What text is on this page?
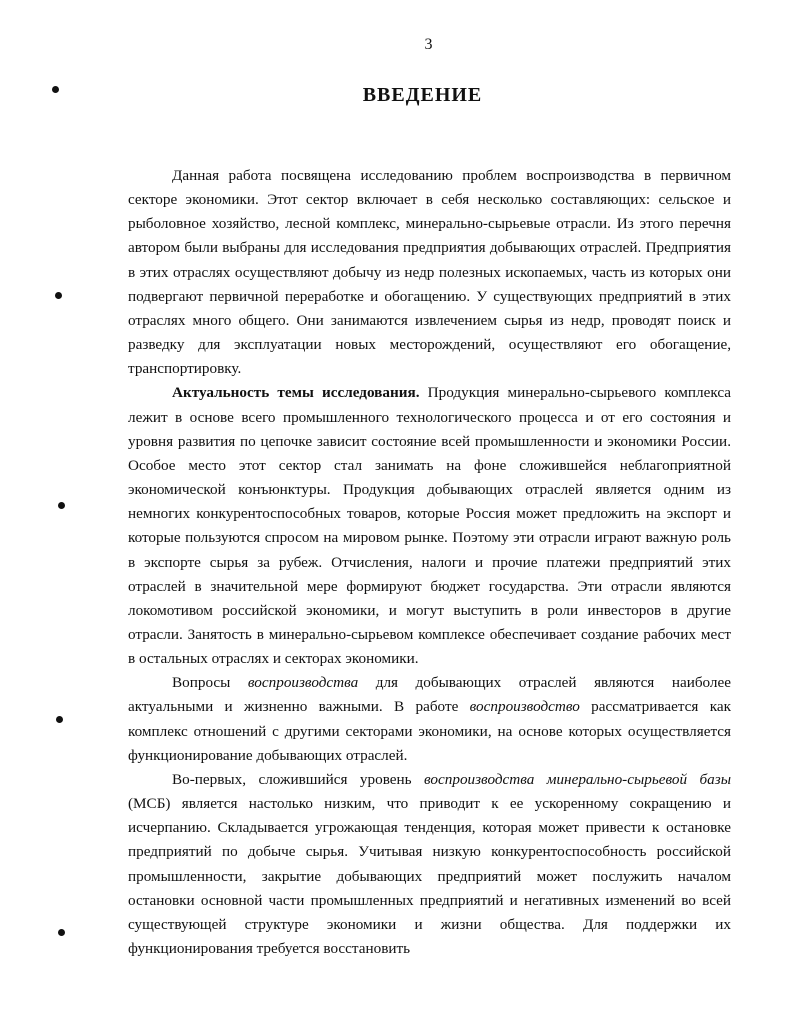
3
ВВЕДЕНИЕ

Данная работа посвящена исследованию проблем воспроизводства в первичном секторе экономики. Этот сектор включает в себя несколько составляющих: сельское и рыболовное хозяйство, лесной комплекс, минерально-сырьевые отрасли. Из этого перечня автором были выбраны для исследования предприятия добывающих отраслей. Предприятия в этих отраслях осуществляют добычу из недр полезных ископаемых, часть из которых они подвергают первичной переработке и обогащению. У существующих предприятий в этих отраслях много общего. Они занимаются извлечением сырья из недр, проводят поиск и разведку для эксплуатации новых месторождений, осуществляют его обогащение, транспортировку.

Актуальность темы исследования. Продукция минерально-сырьевого комплекса лежит в основе всего промышленного технологического процесса и от его состояния и уровня развития по цепочке зависит состояние всей промышленности и экономики России. Особое место этот сектор стал занимать на фоне сложившейся неблагоприятной экономической конъюнктуры. Продукция добывающих отраслей является одним из немногих конкурентоспособных товаров, которые Россия может предложить на экспорт и которые пользуются спросом на мировом рынке. Поэтому эти отрасли играют важную роль в экспорте сырья за рубеж. Отчисления, налоги и прочие платежи предприятий этих отраслей в значительной мере формируют бюджет государства. Эти отрасли являются локомотивом российской экономики, и могут выступить в роли инвесторов в другие отрасли. Занятость в минерально-сырьевом комплексе обеспечивает создание рабочих мест в остальных отраслях и секторах экономики.

Вопросы воспроизводства для добывающих отраслей являются наиболее актуальными и жизненно важными. В работе воспроизводство рассматривается как комплекс отношений с другими секторами экономики, на основе которых осуществляется функционирование добывающих отраслей.

Во-первых, сложившийся уровень воспроизводства минерально-сырьевой базы (МСБ) является настолько низким, что приводит к ее ускоренному сокращению и исчерпанию. Складывается угрожающая тенденция, которая может привести к остановке предприятий по добыче сырья. Учитывая низкую конкурентоспособность российской промышленности, закрытие добывающих предприятий может послужить началом остановки основной части промышленных предприятий и негативных изменений во всей существующей структуре экономики и жизни общества. Для поддержки их функционирования требуется восстановить
